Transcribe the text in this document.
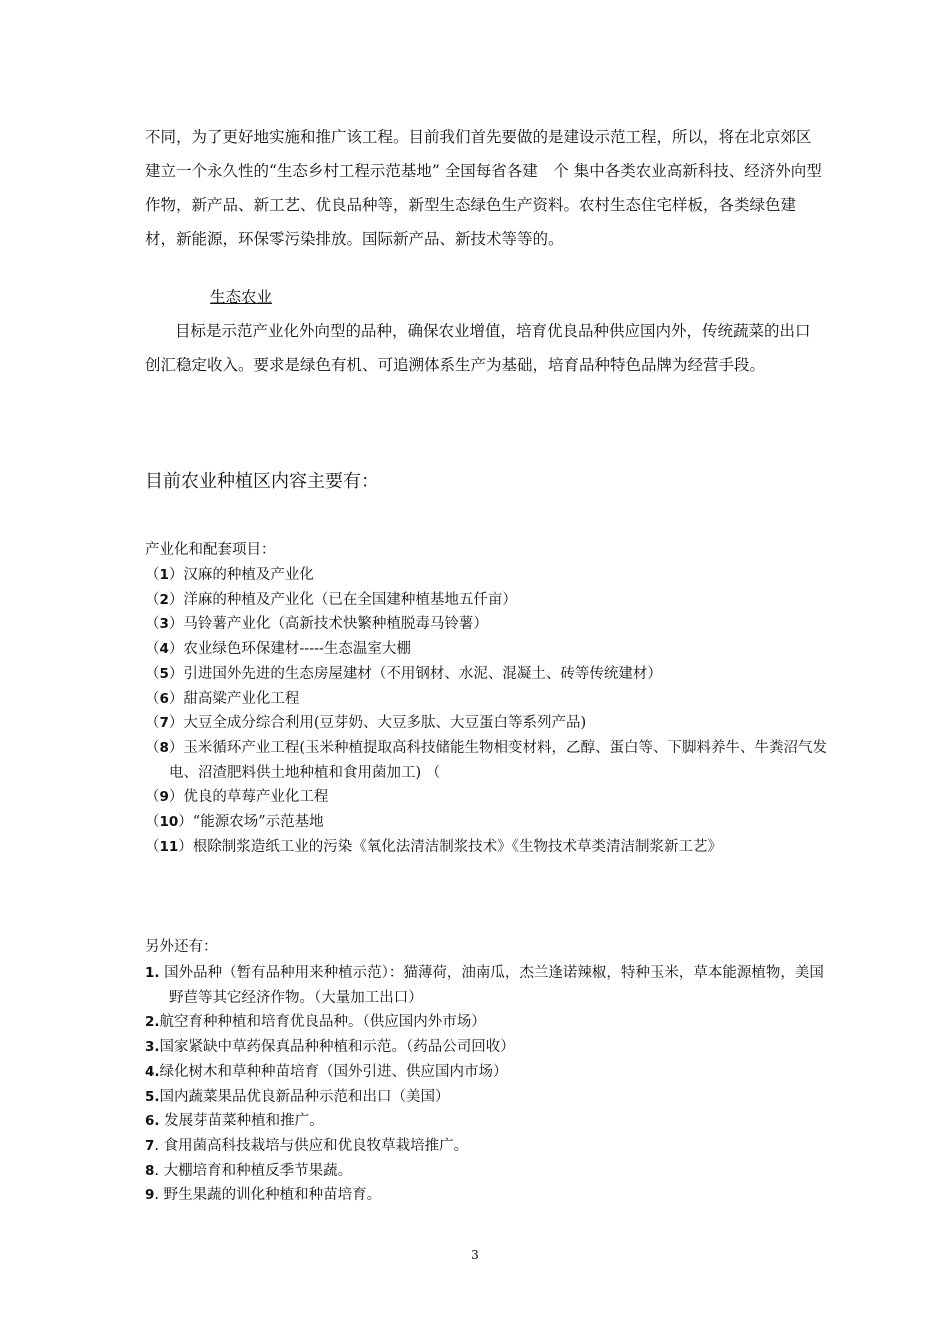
不同，为了更好地实施和推广该工程。目前我们首先要做的是建设示范工程，所以，将在北京郊区建立一个永久性的“生态乡村工程示范基地” 全国每省各建　个 集中各类农业高新科技、经济外向型作物，新产品、新工艺、优良品种等，新型生态绿色生产资料。农村生态住宅样板，各类绿色建材，新能源，环保零污染排放。国际新产品、新技术等等的。

生态农业

目标是示范产业化外向型的品种，确保农业增值，培育优良品种供应国内外，传统蔬菜的出口创汇稳定收入。要求是绿色有机、可追溯体系生产为基础，培育品种特色品牌为经营手段。

目前农业种植区内容主要有：
产业化和配套项目：
（1）汉麻的种植及产业化
（2）洋麻的种植及产业化（已在全国建种植基地五仟亩）
（3）马铃薯产业化（高新技术快繁种植脱毒马铃薯）
（4）农业绿色环保建材-----生态温室大棚
（5）引进国外先进的生态房屋建材（不用钢材、水泥、混凝土、砖等传统建材）
（6）甜高粱产业化工程
（7）大豆全成分综合利用(豆芽奶、大豆多肽、大豆蛋白等系列产品)
（8）玉米循环产业工程(玉米种植提取高科技储能生物相变材料，乙醇、蛋白等、下脚料养牛、牛粪沼气发电、沼渣肥料供土地种植和食用菌加工) （
（9）优良的草莓产业化工程
（10）“能源农场”示范基地
（11）根除制浆造纸工业的污染《氧化法清洁制浆技术》《生物技术草类清洁制浆新工艺》
另外还有：
1. 国外品种（暂有品种用来种植示范）：猫薄荷，油南瓜，杰兰逢诺辣椒，特种玉米，草本能源植物，美国野苣等其它经济作物。（大量加工出口）
2.航空育种种植和培育优良品种。（供应国内外市场）
3.国家紧缺中草药保真品种种植和示范。（药品公司回收）
4.绿化树木和草种种苗培育（国外引进、供应国内市场）
5.国内蔬菜果品优良新品种示范和出口（美国）
6. 发展芽苗菜种植和推广。
7. 食用菌高科技栽培与供应和优良牧草栽培推广。
8. 大棚培育和种植反季节果蔬。
9. 野生果蔬的训化种植和种苗培育。
3
